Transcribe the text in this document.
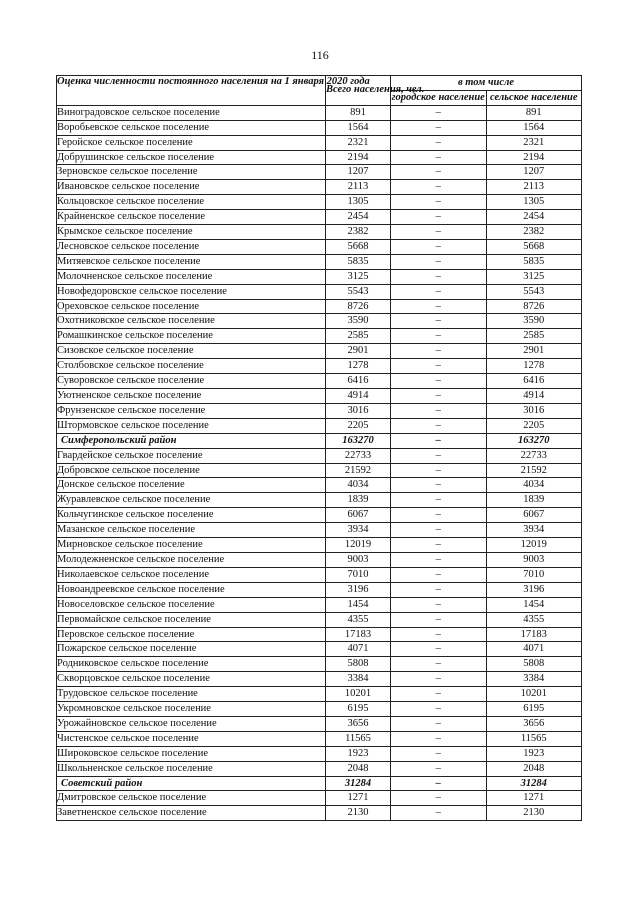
116
Оценка численности постоянного населения на 1 января 2020 года	Всего населения, чел.	в том числе	
		городское население	сельское население
Виноградовское сельское поселение	891	–	891
Воробьевское сельское поселение	1564	–	1564
Геройское сельское поселение	2321	–	2321
Добрушинское сельское поселение	2194	–	2194
Зерновское сельское поселение	1207	–	1207
Ивановское сельское поселение	2113	–	2113
Кольцовское сельское поселение	1305	–	1305
Крайненское сельское поселение	2454	–	2454
Крымское сельское поселение	2382	–	2382
Лесновское сельское поселение	5668	–	5668
Митяевское сельское поселение	5835	–	5835
Молочненское сельское поселение	3125	–	3125
Новофедоровское сельское поселение	5543	–	5543
Ореховское сельское поселение	8726	–	8726
Охотниковское сельское поселение	3590	–	3590
Ромашкинское сельское поселение	2585	–	2585
Сизовское сельское поселение	2901	–	2901
Столбовское сельское поселение	1278	–	1278
Суворовское сельское поселение	6416	–	6416
Уютненское сельское поселение	4914	–	4914
Фрунзенское сельское поселение	3016	–	3016
Штормовское сельское поселение	2205	–	2205
Симферопольский район	163270	–	163270
Гвардейское сельское поселение	22733	–	22733
Добровское сельское поселение	21592	–	21592
Донское сельское поселение	4034	–	4034
Журавлевское сельское поселение	1839	–	1839
Кольчугинское сельское поселение	6067	–	6067
Мазанское сельское поселение	3934	–	3934
Мирновское сельское поселение	12019	–	12019
Молодежненское сельское поселение	9003	–	9003
Николаевское сельское поселение	7010	–	7010
Новоандреевское сельское поселение	3196	–	3196
Новоселовское сельское поселение	1454	–	1454
Первомайское сельское поселение	4355	–	4355
Перовское сельское поселение	17183	–	17183
Пожарское сельское поселение	4071	–	4071
Родниковское сельское поселение	5808	–	5808
Скворцовское сельское поселение	3384	–	3384
Трудовское сельское поселение	10201	–	10201
Укромновское сельское поселение	6195	–	6195
Урожайновское сельское поселение	3656	–	3656
Чистенское сельское поселение	11565	–	11565
Широковское сельское поселение	1923	–	1923
Школьненское сельское поселение	2048	–	2048
Советский район	31284	–	31284
Дмитровское сельское поселение	1271	–	1271
Заветненское сельское поселение	2130	–	2130
